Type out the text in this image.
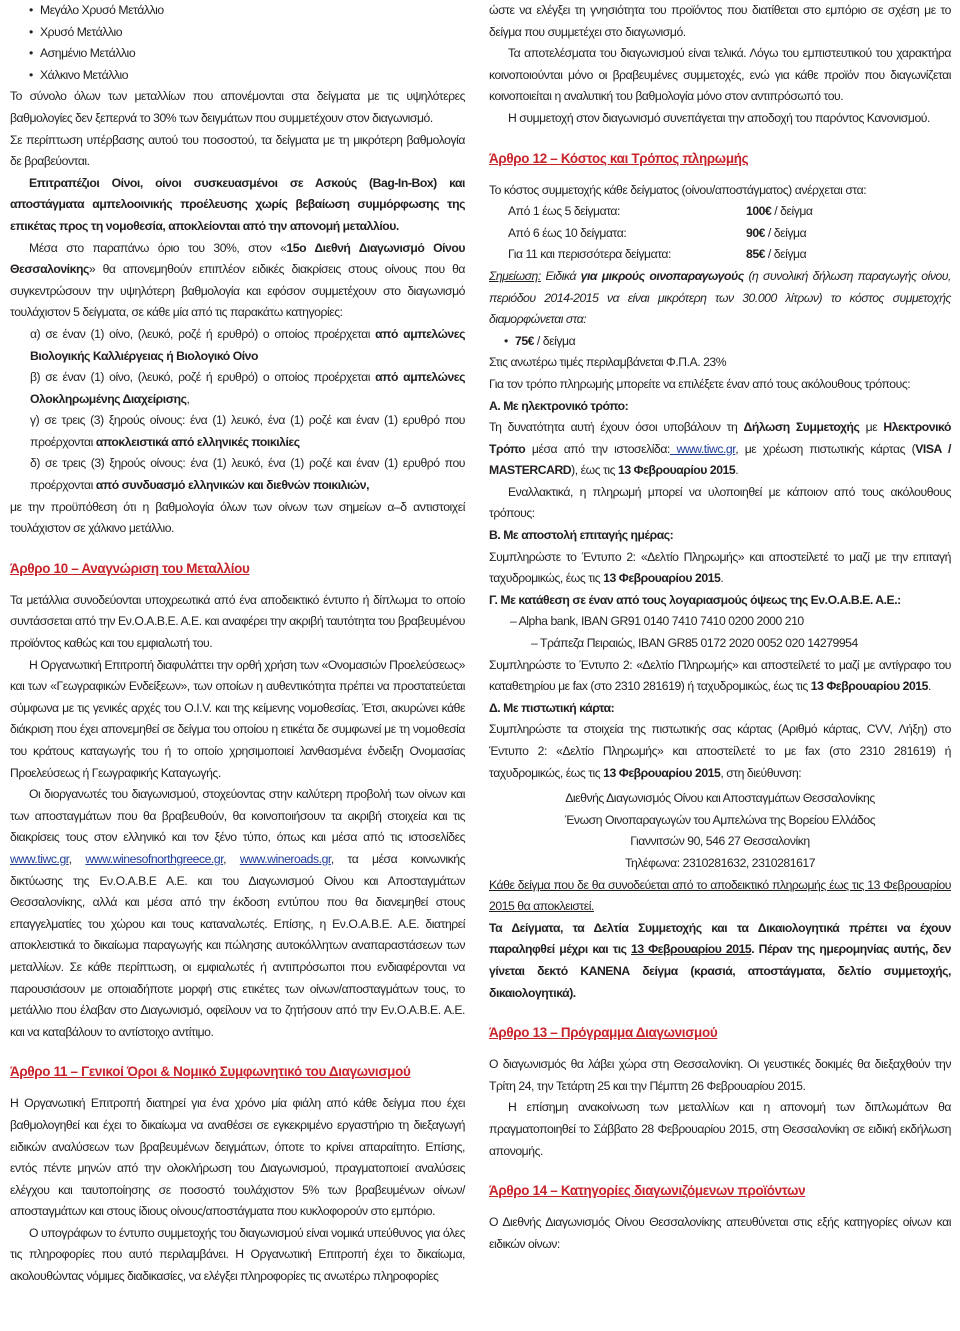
• Μεγάλο Χρυσό Μετάλλιο
• Χρυσό Μετάλλιο
• Ασημένιο Μετάλλιο
• Χάλκινο Μετάλλιο

Το σύνολο όλων των μεταλλίων που απονέμονται στα δείγματα με τις υψηλότερες βαθμολογίες δεν ξεπερνά το 30% των δειγμάτων που συμμετέχουν στον διαγωνισμό.

Σε περίπτωση υπέρβασης αυτού του ποσοστού, τα δείγματα με τη μικρότερη βαθμολογία δε βραβεύονται.

Επιτραπέζιοι Οίνοι, οίνοι συσκευασμένοι σε Ασκούς (Bag-In-Box) και αποστάγματα αμπελοοινικής προέλευσης χωρίς βεβαίωση συμμόρφωσης της επικέτας προς τη νομοθεσία, αποκλείονται από την απονομή μεταλλίου.

Μέσα στο παραπάνω όριο του 30%, στον «15ο Διεθνή Διαγωνισμό Οίνου Θεσσαλονίκης» θα απονεμηθούν επιπλέον ειδικές διακρίσεις στους οίνους που θα συγκεντρώσουν την υψηλότερη βαθμολογία και εφόσον συμμετέχουν στο διαγωνισμό τουλάχιστον 5 δείγματα, σε κάθε μία από τις παρακάτω κατηγορίες:

α) σε έναν (1) οίνο, (λευκό, ροζέ ή ερυθρό) ο οποίος προέρχεται από αμπελώνες Βιολογικής Καλλιέργειας ή Βιολογικό Οίνο

β) σε έναν (1) οίνο, (λευκό, ροζέ ή ερυθρό) ο οποίος προέρχεται από αμπελώνες Ολοκληρωμένης Διαχείρισης,

γ) σε τρεις (3) ξηρούς οίνους: ένα (1) λευκό, ένα (1) ροζέ και έναν (1) ερυθρό που προέρχονται αποκλειστικά από ελληνικές ποικιλίες

δ) σε τρεις (3) ξηρούς οίνους: ένα (1) λευκό, ένα (1) ροζέ και έναν (1) ερυθρό που προέρχονται από συνδυασμό ελληνικών και διεθνών ποικιλιών,

με την προϋπόθεση ότι η βαθμολογία όλων των οίνων των σημείων α–δ αντιστοιχεί τουλάχιστον σε χάλκινο μετάλλιο.

Άρθρο 10 – Αναγνώριση του Μεταλλίου

Τα μετάλλια συνοδεύονται υποχρεωτικά από ένα αποδεικτικό έντυπο ή δίπλωμα το οποίο συντάσσεται από την Εν.Ο.Α.Β.Ε. Α.Ε. και αναφέρει την ακριβή ταυτότητα του βραβευμένου προϊόντος καθώς και του εμφιαλωτή του.

Η Οργανωτική Επιτροπή διαφυλάττει την ορθή χρήση των «Ονομασιών Προελεύσεως» και των «Γεωγραφικών Ενδείξεων», των οποίων η αυθεντικότητα πρέπει να προστατεύεται σύμφωνα με τις γενικές αρχές του Ο.Ι.V. και της κείμενης νομοθεσίας. Έτσι, ακυρώνει κάθε διάκριση που έχει απονεμηθεί σε δείγμα του οποίου η ετικέτα δε συμφωνεί με τη νομοθεσία του κράτους καταγωγής του ή το οποίο χρησιμοποιεί λανθασμένα ένδειξη Ονομασίας Προελεύσεως ή Γεωγραφικής Καταγωγής.

Οι διοργανωτές του διαγωνισμού, στοχεύοντας στην καλύτερη προβολή των οίνων και των αποσταγμάτων που θα βραβευθούν, θα κοινοποιήσουν τα ακριβή στοιχεία και τις διακρίσεις τους στον ελληνικό και τον ξένο τύπο, όπως και μέσα από τις ιστοσελίδες www.tiwc.gr, www.winesofnorthgreece.gr, www.wineroads.gr, τα μέσα κοινωνικής δικτύωσης της Εν.Ο.Α.Β.Ε Α.Ε. και του Διαγωνισμού Οίνου και Αποσταγμάτων Θεσσαλονίκης, αλλά και μέσα από την έκδοση εντύπου που θα διανεμηθεί στους επαγγελματίες του χώρου και τους καταναλωτές. Επίσης, η Εν.Ο.Α.Β.Ε. Α.Ε. διατηρεί αποκλειστικά το δικαίωμα παραγωγής και πώλησης αυτοκόλλητων αναπαραστάσεων των μεταλλίων. Σε κάθε περίπτωση, οι εμφιαλωτές ή αντιπρόσωποι που ενδιαφέρονται να παρουσιάσουν με οποιαδήποτε μορφή στις ετικέτες των οίνων/αποσταγμάτων τους, το μετάλλιο που έλαβαν στο Διαγωνισμό, οφείλουν να το ζητήσουν από την Εν.Ο.Α.Β.Ε. Α.Ε. και να καταβάλουν το αντίστοιχο αντίτιμο.

Άρθρο 11 – Γενικοί Όροι & Νομικό Συμφωνητικό του Διαγωνισμού

Η Οργανωτική Επιτροπή διατηρεί για ένα χρόνο μία φιάλη από κάθε δείγμα που έχει βαθμολογηθεί και έχει το δικαίωμα να αναθέσει σε εγκεκριμένο εργαστήριο τη διεξαγωγή ειδικών αναλύσεων των βραβευμένων δειγμάτων, όποτε το κρίνει απαραίτητο. Επίσης, εντός πέντε μηνών από την ολοκλήρωση του Διαγωνισμού, πραγματοποιεί αναλύσεις ελέγχου και ταυτοποίησης σε ποσοστό τουλάχιστον 5% των βραβευμένων οίνων/αποσταγμάτων και στους ίδιους οίνους/αποστάγματα που κυκλοφορούν στο εμπόριο.

Ο υπογράφων το έντυπο συμμετοχής του διαγωνισμού είναι νομικά υπεύθυνος για όλες τις πληροφορίες που αυτό περιλαμβάνει. Η Οργανωτική Επιτροπή έχει το δικαίωμα, ακολουθώντας νόμιμες διαδικασίες, να ελέγξει πληροφορίες τις ανωτέρω πληροφορίες

ώστε να ελέγξει τη γνησιότητα του προϊόντος που διατίθεται στο εμπόριο σε σχέση με το δείγμα που συμμετέχει στο διαγωνισμό.

Τα αποτελέσματα του διαγωνισμού είναι τελικά. Λόγω του εμπιστευτικού του χαρακτήρα κοινοποιούνται μόνο οι βραβευμένες συμμετοχές, ενώ για κάθε προϊόν που διαγωνίζεται κοινοποιείται η αναλυτική του βαθμολογία μόνο στον αντιπρόσωπό του.

Η συμμετοχή στον διαγωνισμό συνεπάγεται την αποδοχή του παρόντος Κανονισμού.

Άρθρο 12 – Κόστος και Τρόπος πληρωμής

Το κόστος συμμετοχής κάθε δείγματος (οίνου/αποστάγματος) ανέρχεται στα:

Από 1 έως 5 δείγματα:	100€ / δείγμα
Από 6 έως 10 δείγματα:	90€ / δείγμα
Για 11 και περισσότερα δείγματα:	85€ / δείγμα

Σημείωση: Ειδικά για μικρούς οινοπαραγωγούς (η συνολική δήλωση παραγωγής οίνου, περιόδου 2014-2015 να είναι μικρότερη των 30.000 λίτρων) το κόστος συμμετοχής διαμορφώνεται στα:

• 75€ / δείγμα

Στις ανωτέρω τιμές περιλαμβάνεται Φ.Π.Α. 23%

Για τον τρόπο πληρωμής μπορείτε να επιλέξετε έναν από τους ακόλουθους τρόπους:

Α. Με ηλεκτρονικό τρόπο:

Τη δυνατότητα αυτή έχουν όσοι υποβάλουν τη Δήλωση Συμμετοχής με Ηλεκτρονικό Τρόπο μέσα από την ιστοσελίδα: www.tiwc.gr, με χρέωση πιστωτικής κάρτας (VISA / MASTERCARD), έως τις 13 Φεβρουαρίου 2015.

Εναλλακτικά, η πληρωμή μπορεί να υλοποιηθεί με κάποιον από τους ακόλουθους τρόπους:

Β. Με αποστολή επιταγής ημέρας:

Συμπληρώστε το Έντυπο 2: «Δελτίο Πληρωμής» και αποστείλετέ το μαζί με την επιταγή ταχυδρομικώς, έως τις 13 Φεβρουαρίου 2015.

Γ. Με κατάθεση σε έναν από τους λογαριασμούς όψεως της Εν.Ο.Α.Β.Ε. Α.Ε.:

– Alpha bank, IBAN GR91 0140 7410 7410 0200 2000 210
– Τράπεζα Πειραιώς, IBAN GR85 0172 2020 0052 020 14279954

Συμπληρώστε το Έντυπο 2: «Δελτίο Πληρωμής» και αποστείλετέ το μαζί με αντίγραφο του καταθετηρίου με fax (στο 2310 281619) ή ταχυδρομικώς, έως τις 13 Φεβρουαρίου 2015.

Δ. Με πιστωτική κάρτα:

Συμπληρώστε τα στοιχεία της πιστωτικής σας κάρτας (Αριθμό κάρτας, CVV, Λήξη) στο Έντυπο 2: «Δελτίο Πληρωμής» και αποστείλετέ το με fax (στο 2310 281619) ή ταχυδρομικώς, έως τις 13 Φεβρουαρίου 2015, στη διεύθυνση:

Διεθνής Διαγωνισμός Οίνου και Αποσταγμάτων Θεσσαλονίκης

Ένωση Οινοπαραγωγών του Αμπελώνα της Βορείου Ελλάδος

Γιαννιτσών 90, 546 27 Θεσσαλονίκη

Τηλέφωνα: 2310281632, 2310281617

Κάθε δείγμα που δε θα συνοδεύεται από το αποδεικτικό πληρωμής έως τις 13 Φεβρουαρίου 2015 θα αποκλειστεί.

Τα Δείγματα, τα Δελτία Συμμετοχής και τα Δικαιολογητικά πρέπει να έχουν παραληφθεί μέχρι και τις 13 Φεβρουαρίου 2015. Πέραν της ημερομηνίας αυτής, δεν γίνεται δεκτό ΚΑΝΕΝΑ δείγμα (κρασιά, αποστάγματα, δελτίο συμμετοχής, δικαιολογητικά).

Άρθρο 13 – Πρόγραμμα Διαγωνισμού

Ο διαγωνισμός θα λάβει χώρα στη Θεσσαλονίκη. Οι γευστικές δοκιμές θα διεξαχθούν την Τρίτη 24, την Τετάρτη 25 και την Πέμπτη 26 Φεβρουαρίου 2015.

Η επίσημη ανακοίνωση των μεταλλίων και η απονομή των διπλωμάτων θα πραγματοποιηθεί το Σάββατο 28 Φεβρουαρίου 2015, στη Θεσσαλονίκη σε ειδική εκδήλωση απονομής.

Άρθρο 14 – Κατηγορίες διαγωνιζόμενων προϊόντων

Ο Διεθνής Διαγωνισμός Οίνου Θεσσαλονίκης απευθύνεται στις εξής κατηγορίες οίνων και ειδικών οίνων:
